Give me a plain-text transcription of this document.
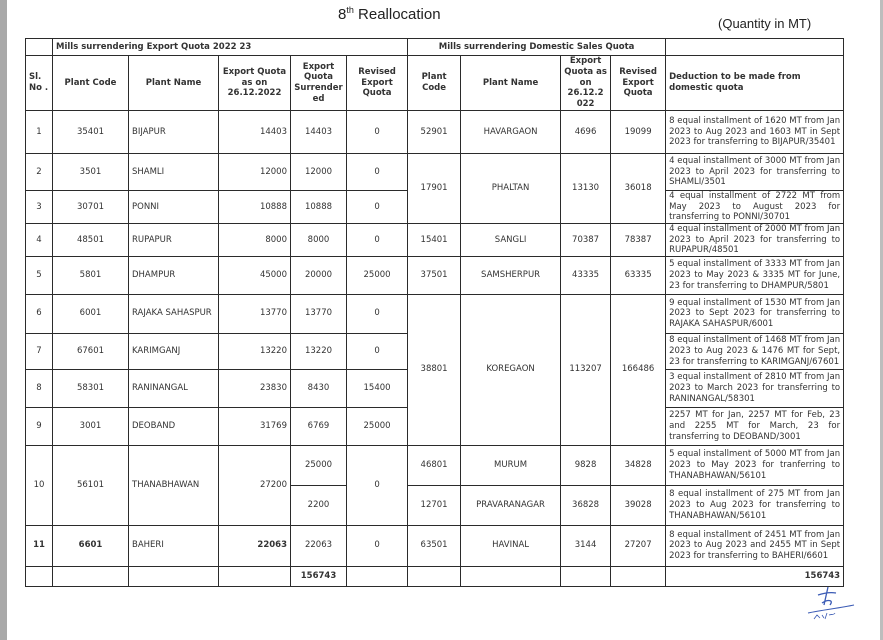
8th Reallocation
(Quantity in MT)
	Mills surrendering Export Quota 2022 23	Mills surrendering Domestic Sales Quota	
Sl. No .	Plant Code	Plant Name	Export Quota as on 26.12.2022	Export Quota Surrender ed	Revised Export Quota	Plant Code	Plant Name	Export Quota as on 26.12.2 022	Revised Export Quota	Deduction to be made from domestic quota
1	35401	BIJAPUR	14403	14403	0	52901	HAVARGAON	4696	19099	8 equal installment of 1620 MT from Jan 2023 to Aug 2023 and 1603 MT in Sept 2023 for transferring to BIJAPUR/35401
2	3501	SHAMLI	12000	12000	0	17901	PHALTAN	13130	36018	4 equal installment of 3000 MT from Jan 2023 to April 2023 for transferring to SHAMLI/3501
3	30701	PONNI	10888	10888	0	4 equal installment of 2722 MT from May 2023 to August 2023 for transferring to PONNI/30701
4	48501	RUPAPUR	8000	8000	0	15401	SANGLI	70387	78387	4 equal installment of 2000 MT from Jan 2023 to April 2023 for transferring to RUPAPUR/48501
5	5801	DHAMPUR	45000	20000	25000	37501	SAMSHERPUR	43335	63335	5 equal installment of 3333 MT from Jan 2023 to May 2023 & 3335 MT for June, 23 for transferring to DHAMPUR/5801
6	6001	RAJAKA SAHASPUR	13770	13770	0	38801	KOREGAON	113207	166486	9 equal installment of 1530 MT from Jan 2023 to Sept 2023 for transferring to RAJAKA SAHASPUR/6001
7	67601	KARIMGANJ	13220	13220	0	8 equal installment of 1468 MT from Jan 2023 to Aug 2023 & 1476 MT for Sept, 23 for transferring to KARIMGANJ/67601
8	58301	RANINANGAL	23830	8430	15400	3 equal installment of 2810 MT from Jan 2023 to March 2023 for transferring to RANINANGAL/58301
9	3001	DEOBAND	31769	6769	25000	2257 MT for Jan, 2257 MT for Feb, 23 and 2255 MT for March, 23 for transferring to DEOBAND/3001
10	56101	THANABHAWAN	27200	25000	0	46801	MURUM	9828	34828	5 equal installment of 5000 MT from Jan 2023 to May 2023 for tranferring to THANABHAWAN/56101
2200	12701	PRAVARANAGAR	36828	39028	8 equal installment of 275 MT from Jan 2023 to Aug 2023 for transferring to THANABHAWAN/56101
11	6601	BAHERI	22063	22063	0	63501	HAVINAL	3144	27207	8 equal installment of 2451 MT from Jan 2023 to Aug 2023 and 2455 MT in Sept 2023 for transferring to BAHERI/6601
				156743						156743
